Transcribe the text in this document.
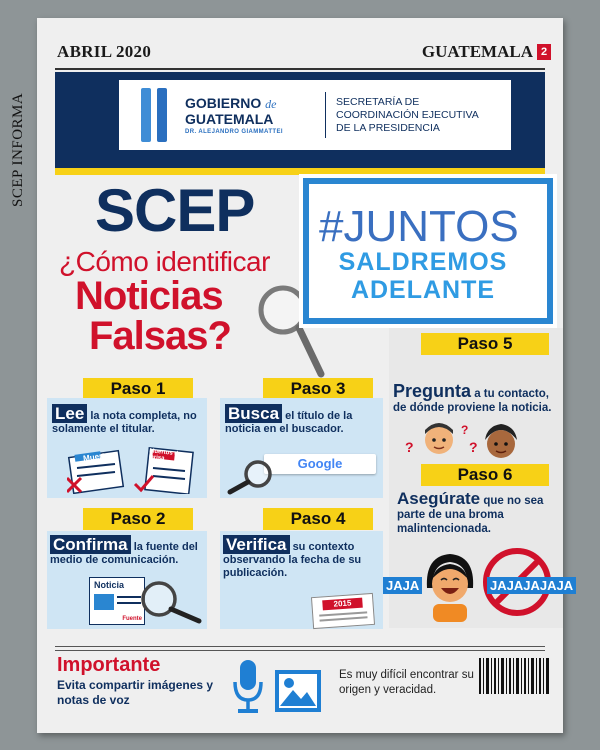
SCEP INFORMA
ABRIL 2020	GUATEMALA 2
GOBIERNO de
GUATEMALA
DR. ALEJANDRO GIAMMATTEI
SECRETARÍA DE
COORDINACIÓN EJECUTIVA
DE LA PRESIDENCIA
SCEP
¿Cómo identificar
Noticias
Falsas?
#JUNTOS
SALDREMOS
ADELANTE
Paso 1
Lee la nota completa, no solamente el titular.
Muertos	Muertos de larisa
Paso 3
Busca el título de la noticia en el buscador.
Google
Paso 2
Confirma la fuente del medio de comunicación.
Noticia
Fuente
Paso 4
Verifica su contexto observando la fecha de su publicación.
2015
Paso 5
Pregunta a tu contacto, de dónde proviene la noticia.
?
?
?
Paso 6
Asegúrate que no sea parte de una broma malintencionada.
JAJA	JAJAJAJAJA
Importante
Evita compartir imágenes y notas de voz
Es muy difícil encontrar su origen y veracidad.
